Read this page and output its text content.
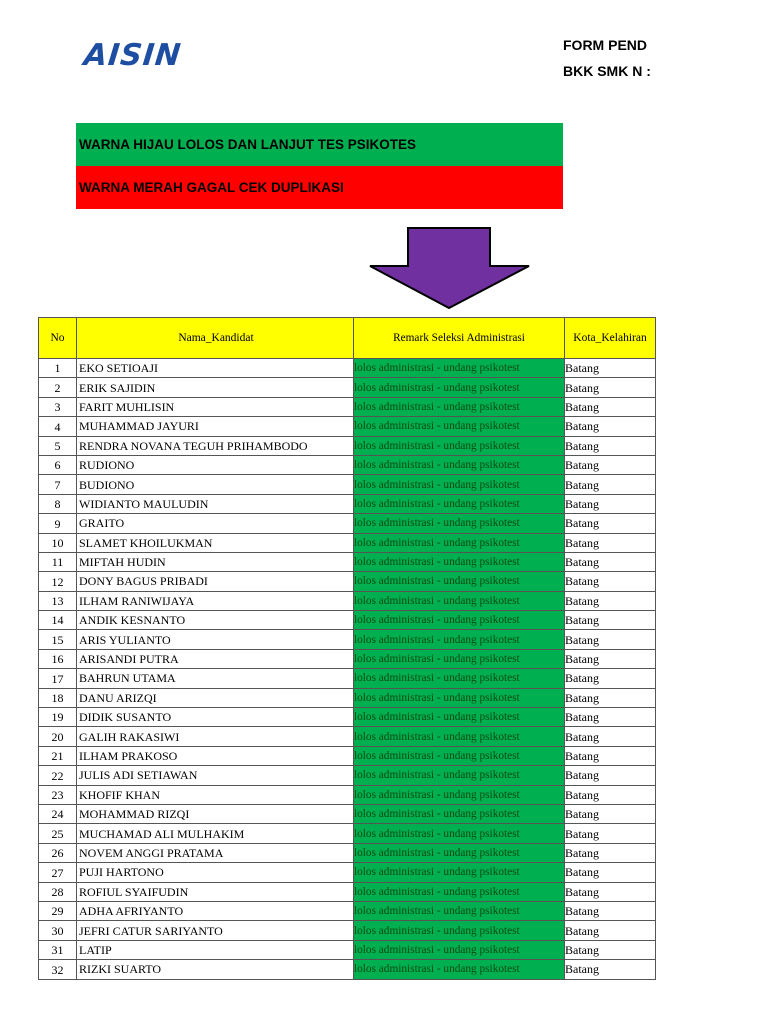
AISIN	FORM PEND
BKK SMK N :
WARNA HIJAU LOLOS DAN LANJUT TES PSIKOTES
WARNA MERAH GAGAL CEK DUPLIKASI
No	Nama_Kandidat	Remark Seleksi Administrasi	Kota_Kelahiran
1	EKO SETIOAJI	lolos administrasi - undang psikotest	Batang
2	ERIK SAJIDIN	lolos administrasi - undang psikotest	Batang
3	FARIT MUHLISIN	lolos administrasi - undang psikotest	Batang
4	MUHAMMAD JAYURI	lolos administrasi - undang psikotest	Batang
5	RENDRA NOVANA TEGUH PRIHAMBODO	lolos administrasi - undang psikotest	Batang
6	RUDIONO	lolos administrasi - undang psikotest	Batang
7	BUDIONO	lolos administrasi - undang psikotest	Batang
8	WIDIANTO MAULUDIN	lolos administrasi - undang psikotest	Batang
9	GRAITO	lolos administrasi - undang psikotest	Batang
10	SLAMET KHOILUKMAN	lolos administrasi - undang psikotest	Batang
11	MIFTAH HUDIN	lolos administrasi - undang psikotest	Batang
12	DONY BAGUS PRIBADI	lolos administrasi - undang psikotest	Batang
13	ILHAM RANIWIJAYA	lolos administrasi - undang psikotest	Batang
14	ANDIK KESNANTO	lolos administrasi - undang psikotest	Batang
15	ARIS YULIANTO	lolos administrasi - undang psikotest	Batang
16	ARISANDI PUTRA	lolos administrasi - undang psikotest	Batang
17	BAHRUN UTAMA	lolos administrasi - undang psikotest	Batang
18	DANU ARIZQI	lolos administrasi - undang psikotest	Batang
19	DIDIK SUSANTO	lolos administrasi - undang psikotest	Batang
20	GALIH RAKASIWI	lolos administrasi - undang psikotest	Batang
21	ILHAM PRAKOSO	lolos administrasi - undang psikotest	Batang
22	JULIS ADI SETIAWAN	lolos administrasi - undang psikotest	Batang
23	KHOFIF KHAN	lolos administrasi - undang psikotest	Batang
24	MOHAMMAD RIZQI	lolos administrasi - undang psikotest	Batang
25	MUCHAMAD ALI MULHAKIM	lolos administrasi - undang psikotest	Batang
26	NOVEM ANGGI PRATAMA	lolos administrasi - undang psikotest	Batang
27	PUJI HARTONO	lolos administrasi - undang psikotest	Batang
28	ROFIUL SYAIFUDIN	lolos administrasi - undang psikotest	Batang
29	ADHA AFRIYANTO	lolos administrasi - undang psikotest	Batang
30	JEFRI CATUR SARIYANTO	lolos administrasi - undang psikotest	Batang
31	LATIP	lolos administrasi - undang psikotest	Batang
32	RIZKI SUARTO	lolos administrasi - undang psikotest	Batang
